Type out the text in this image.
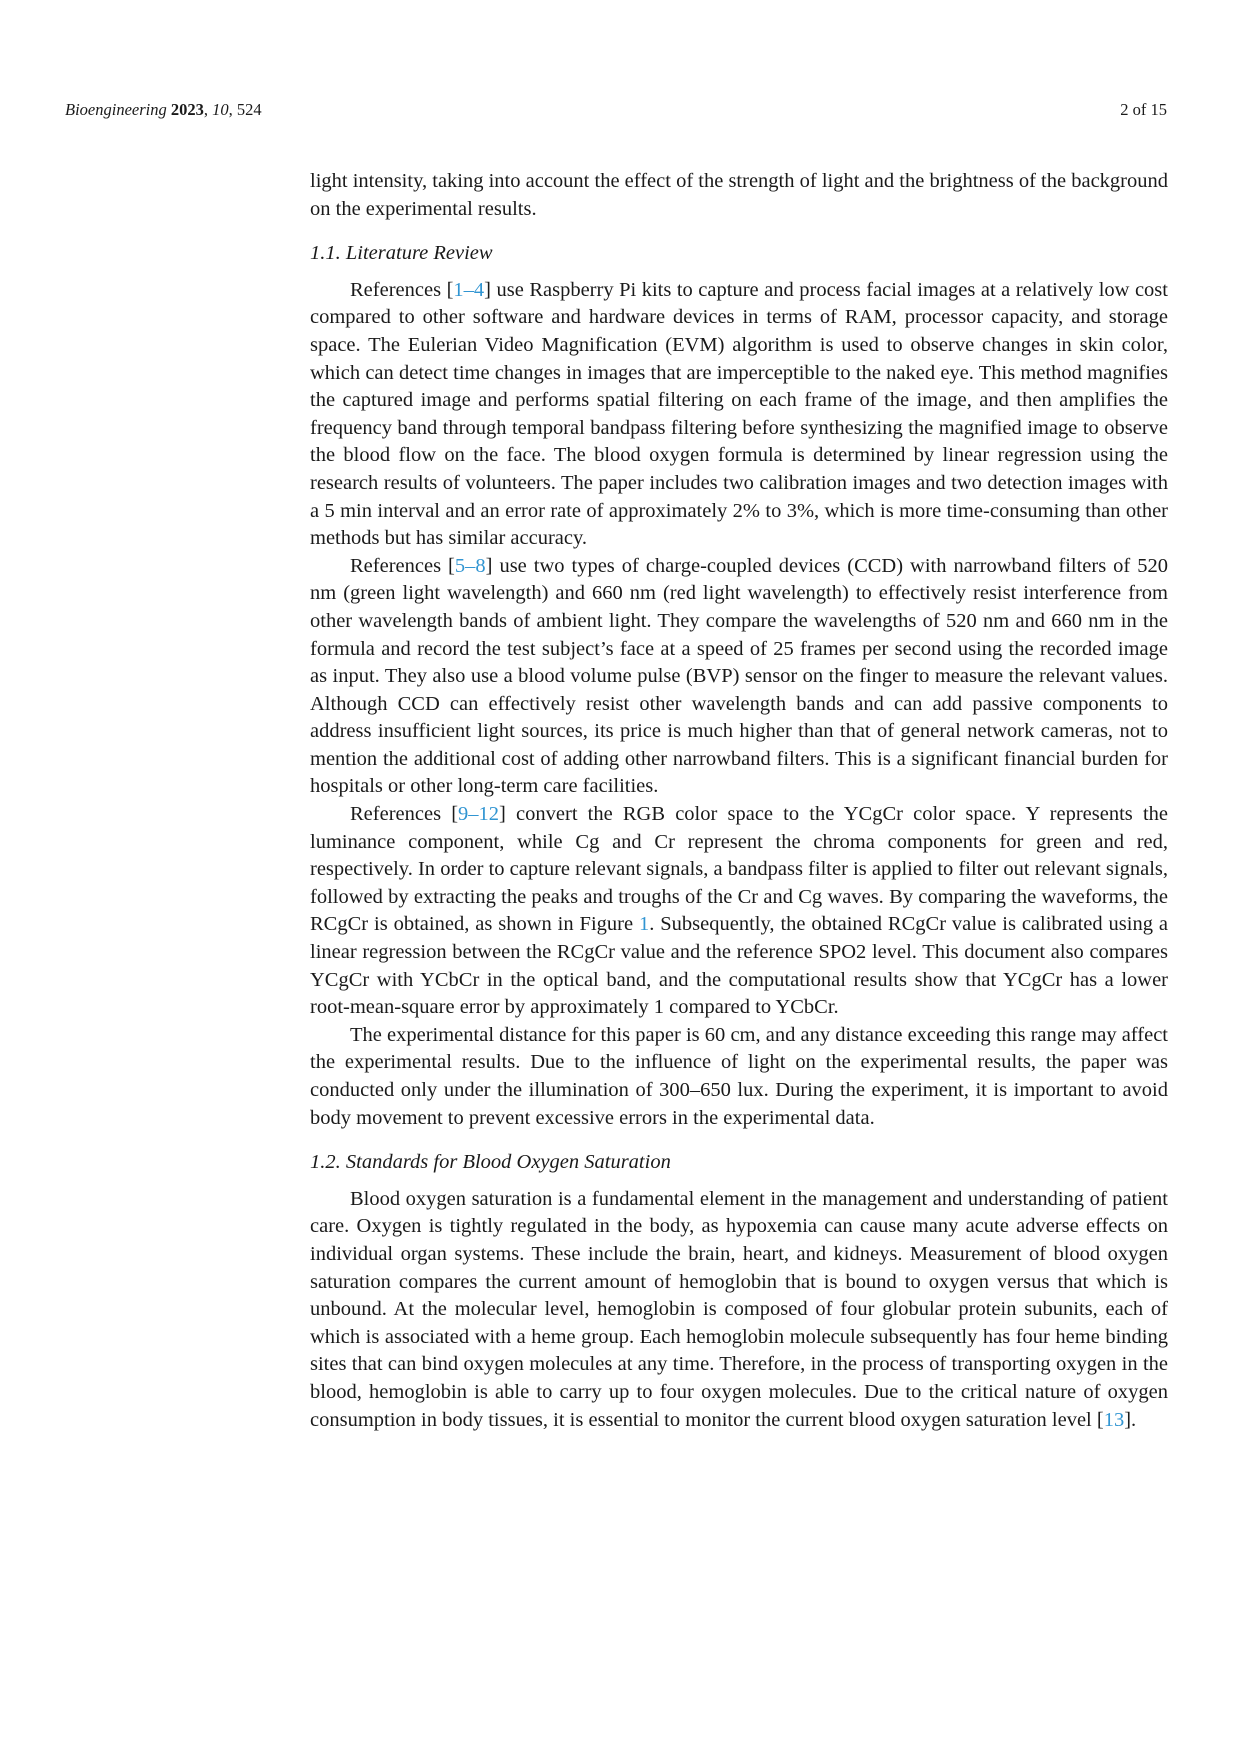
Bioengineering 2023, 10, 524	2 of 15

light intensity, taking into account the effect of the strength of light and the brightness of the background on the experimental results.

1.1. Literature Review

References [1–4] use Raspberry Pi kits to capture and process facial images at a relatively low cost compared to other software and hardware devices in terms of RAM, processor capacity, and storage space. The Eulerian Video Magnification (EVM) algorithm is used to observe changes in skin color, which can detect time changes in images that are imperceptible to the naked eye. This method magnifies the captured image and performs spatial filtering on each frame of the image, and then amplifies the frequency band through temporal bandpass filtering before synthesizing the magnified image to observe the blood flow on the face. The blood oxygen formula is determined by linear regression using the research results of volunteers. The paper includes two calibration images and two detection images with a 5 min interval and an error rate of approximately 2% to 3%, which is more time-consuming than other methods but has similar accuracy.

References [5–8] use two types of charge-coupled devices (CCD) with narrowband filters of 520 nm (green light wavelength) and 660 nm (red light wavelength) to effectively resist interference from other wavelength bands of ambient light. They compare the wavelengths of 520 nm and 660 nm in the formula and record the test subject’s face at a speed of 25 frames per second using the recorded image as input. They also use a blood volume pulse (BVP) sensor on the finger to measure the relevant values. Although CCD can effectively resist other wavelength bands and can add passive components to address insufficient light sources, its price is much higher than that of general network cameras, not to mention the additional cost of adding other narrowband filters. This is a significant financial burden for hospitals or other long-term care facilities.

References [9–12] convert the RGB color space to the YCgCr color space. Y represents the luminance component, while Cg and Cr represent the chroma components for green and red, respectively. In order to capture relevant signals, a bandpass filter is applied to filter out relevant signals, followed by extracting the peaks and troughs of the Cr and Cg waves. By comparing the waveforms, the RCgCr is obtained, as shown in Figure 1. Subsequently, the obtained RCgCr value is calibrated using a linear regression between the RCgCr value and the reference SPO2 level. This document also compares YCgCr with YCbCr in the optical band, and the computational results show that YCgCr has a lower root-mean-square error by approximately 1 compared to YCbCr.

The experimental distance for this paper is 60 cm, and any distance exceeding this range may affect the experimental results. Due to the influence of light on the experimental results, the paper was conducted only under the illumination of 300–650 lux. During the experiment, it is important to avoid body movement to prevent excessive errors in the experimental data.

1.2. Standards for Blood Oxygen Saturation

Blood oxygen saturation is a fundamental element in the management and understanding of patient care. Oxygen is tightly regulated in the body, as hypoxemia can cause many acute adverse effects on individual organ systems. These include the brain, heart, and kidneys. Measurement of blood oxygen saturation compares the current amount of hemoglobin that is bound to oxygen versus that which is unbound. At the molecular level, hemoglobin is composed of four globular protein subunits, each of which is associated with a heme group. Each hemoglobin molecule subsequently has four heme binding sites that can bind oxygen molecules at any time. Therefore, in the process of transporting oxygen in the blood, hemoglobin is able to carry up to four oxygen molecules. Due to the critical nature of oxygen consumption in body tissues, it is essential to monitor the current blood oxygen saturation level [13].
